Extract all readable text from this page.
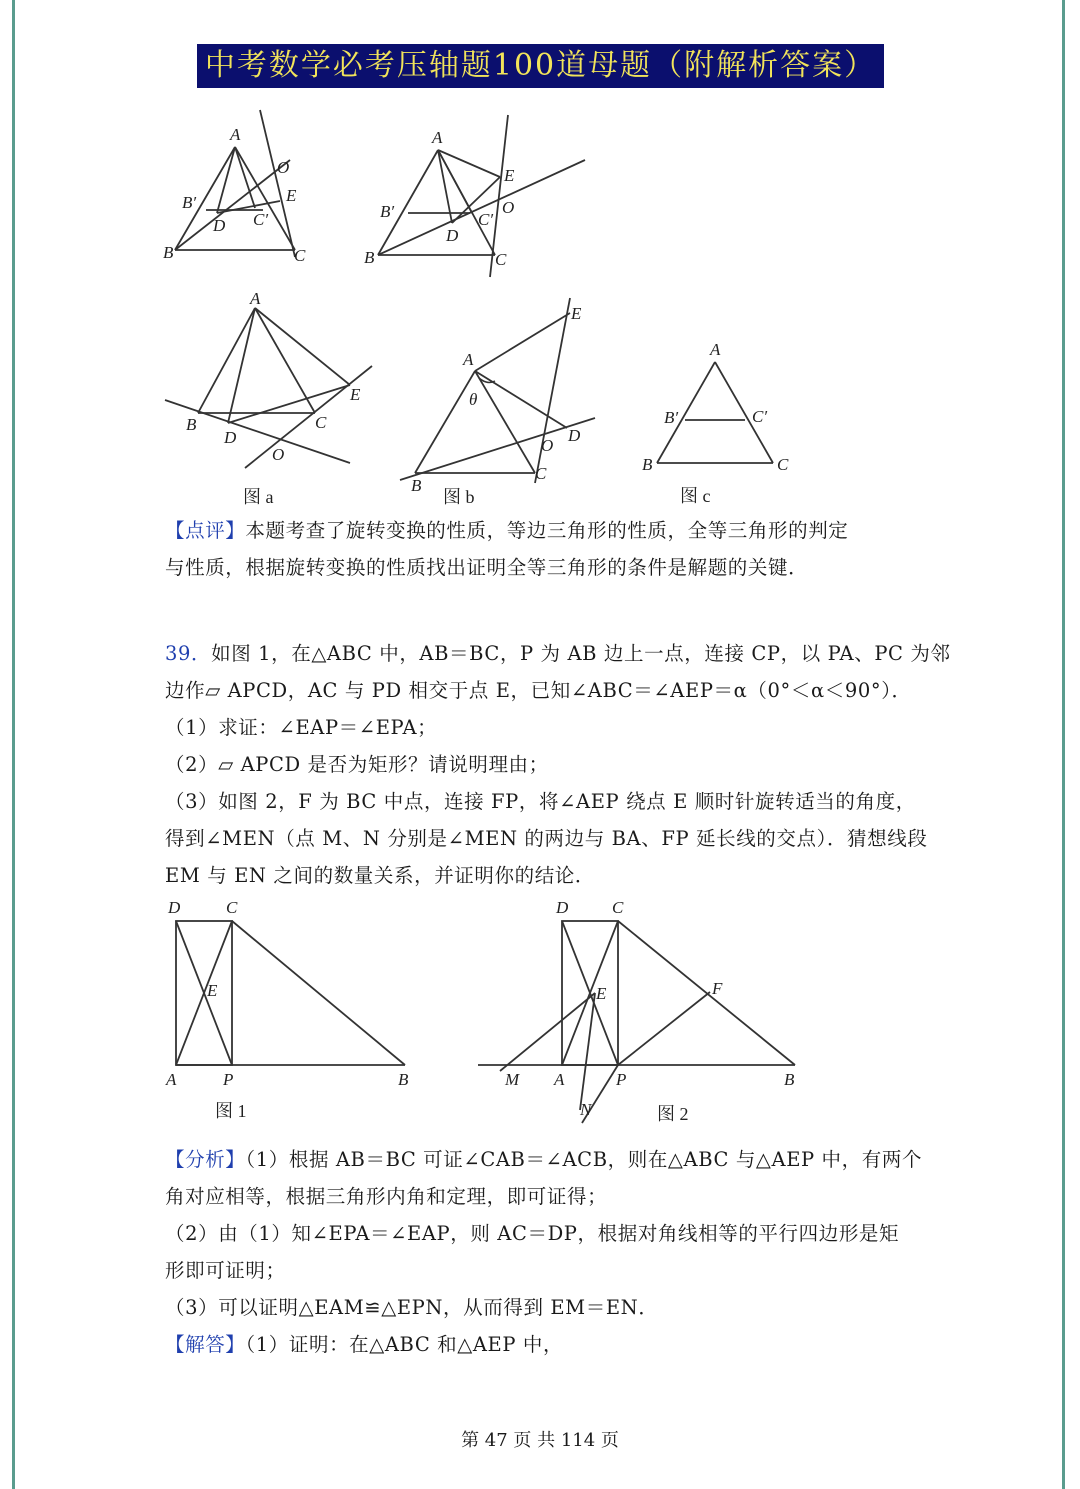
中考数学必考压轴题100道母题（附解析答案）
A
O
E
B′
D C′
B	C
A
E
B′	C′
O
D
B	C
A
E
B
D
C
O
图 a
A
E
θ
O
D
B
C
图 b
A
B′	C′
B	C
图 c
【点评】本题考查了旋转变换的性质，等边三角形的性质，全等三角形的判定
与性质，根据旋转变换的性质找出证明全等三角形的条件是解题的关键．
39．如图 1，在△ABC 中，AB＝BC，P 为 AB 边上一点，连接 CP，以 PA、PC 为邻
边作▱ APCD，AC 与 PD 相交于点 E，已知∠ABC＝∠AEP＝α（0°＜α＜90°）．
（1）求证：∠EAP＝∠EPA；
（2）▱ APCD 是否为矩形？请说明理由；
（3）如图 2，F 为 BC 中点，连接 FP，将∠AEP 绕点 E 顺时针旋转适当的角度，
得到∠MEN（点 M、N 分别是∠MEN 的两边与 BA、FP 延长线的交点）．猜想线段
EM 与 EN 之间的数量关系，并证明你的结论．
D	C
E
A	P	B
图 1
D	C
E	F
M A	P	B
N	图 2
【分析】（1）根据 AB＝BC 可证∠CAB＝∠ACB，则在△ABC 与△AEP 中，有两个
角对应相等，根据三角形内角和定理，即可证得；
（2）由（1）知∠EPA＝∠EAP，则 AC＝DP，根据对角线相等的平行四边形是矩
形即可证明；
（3）可以证明△EAM≌△EPN，从而得到 EM＝EN．
【解答】（1）证明：在△ABC 和△AEP 中，
第 47 页 共 114 页
